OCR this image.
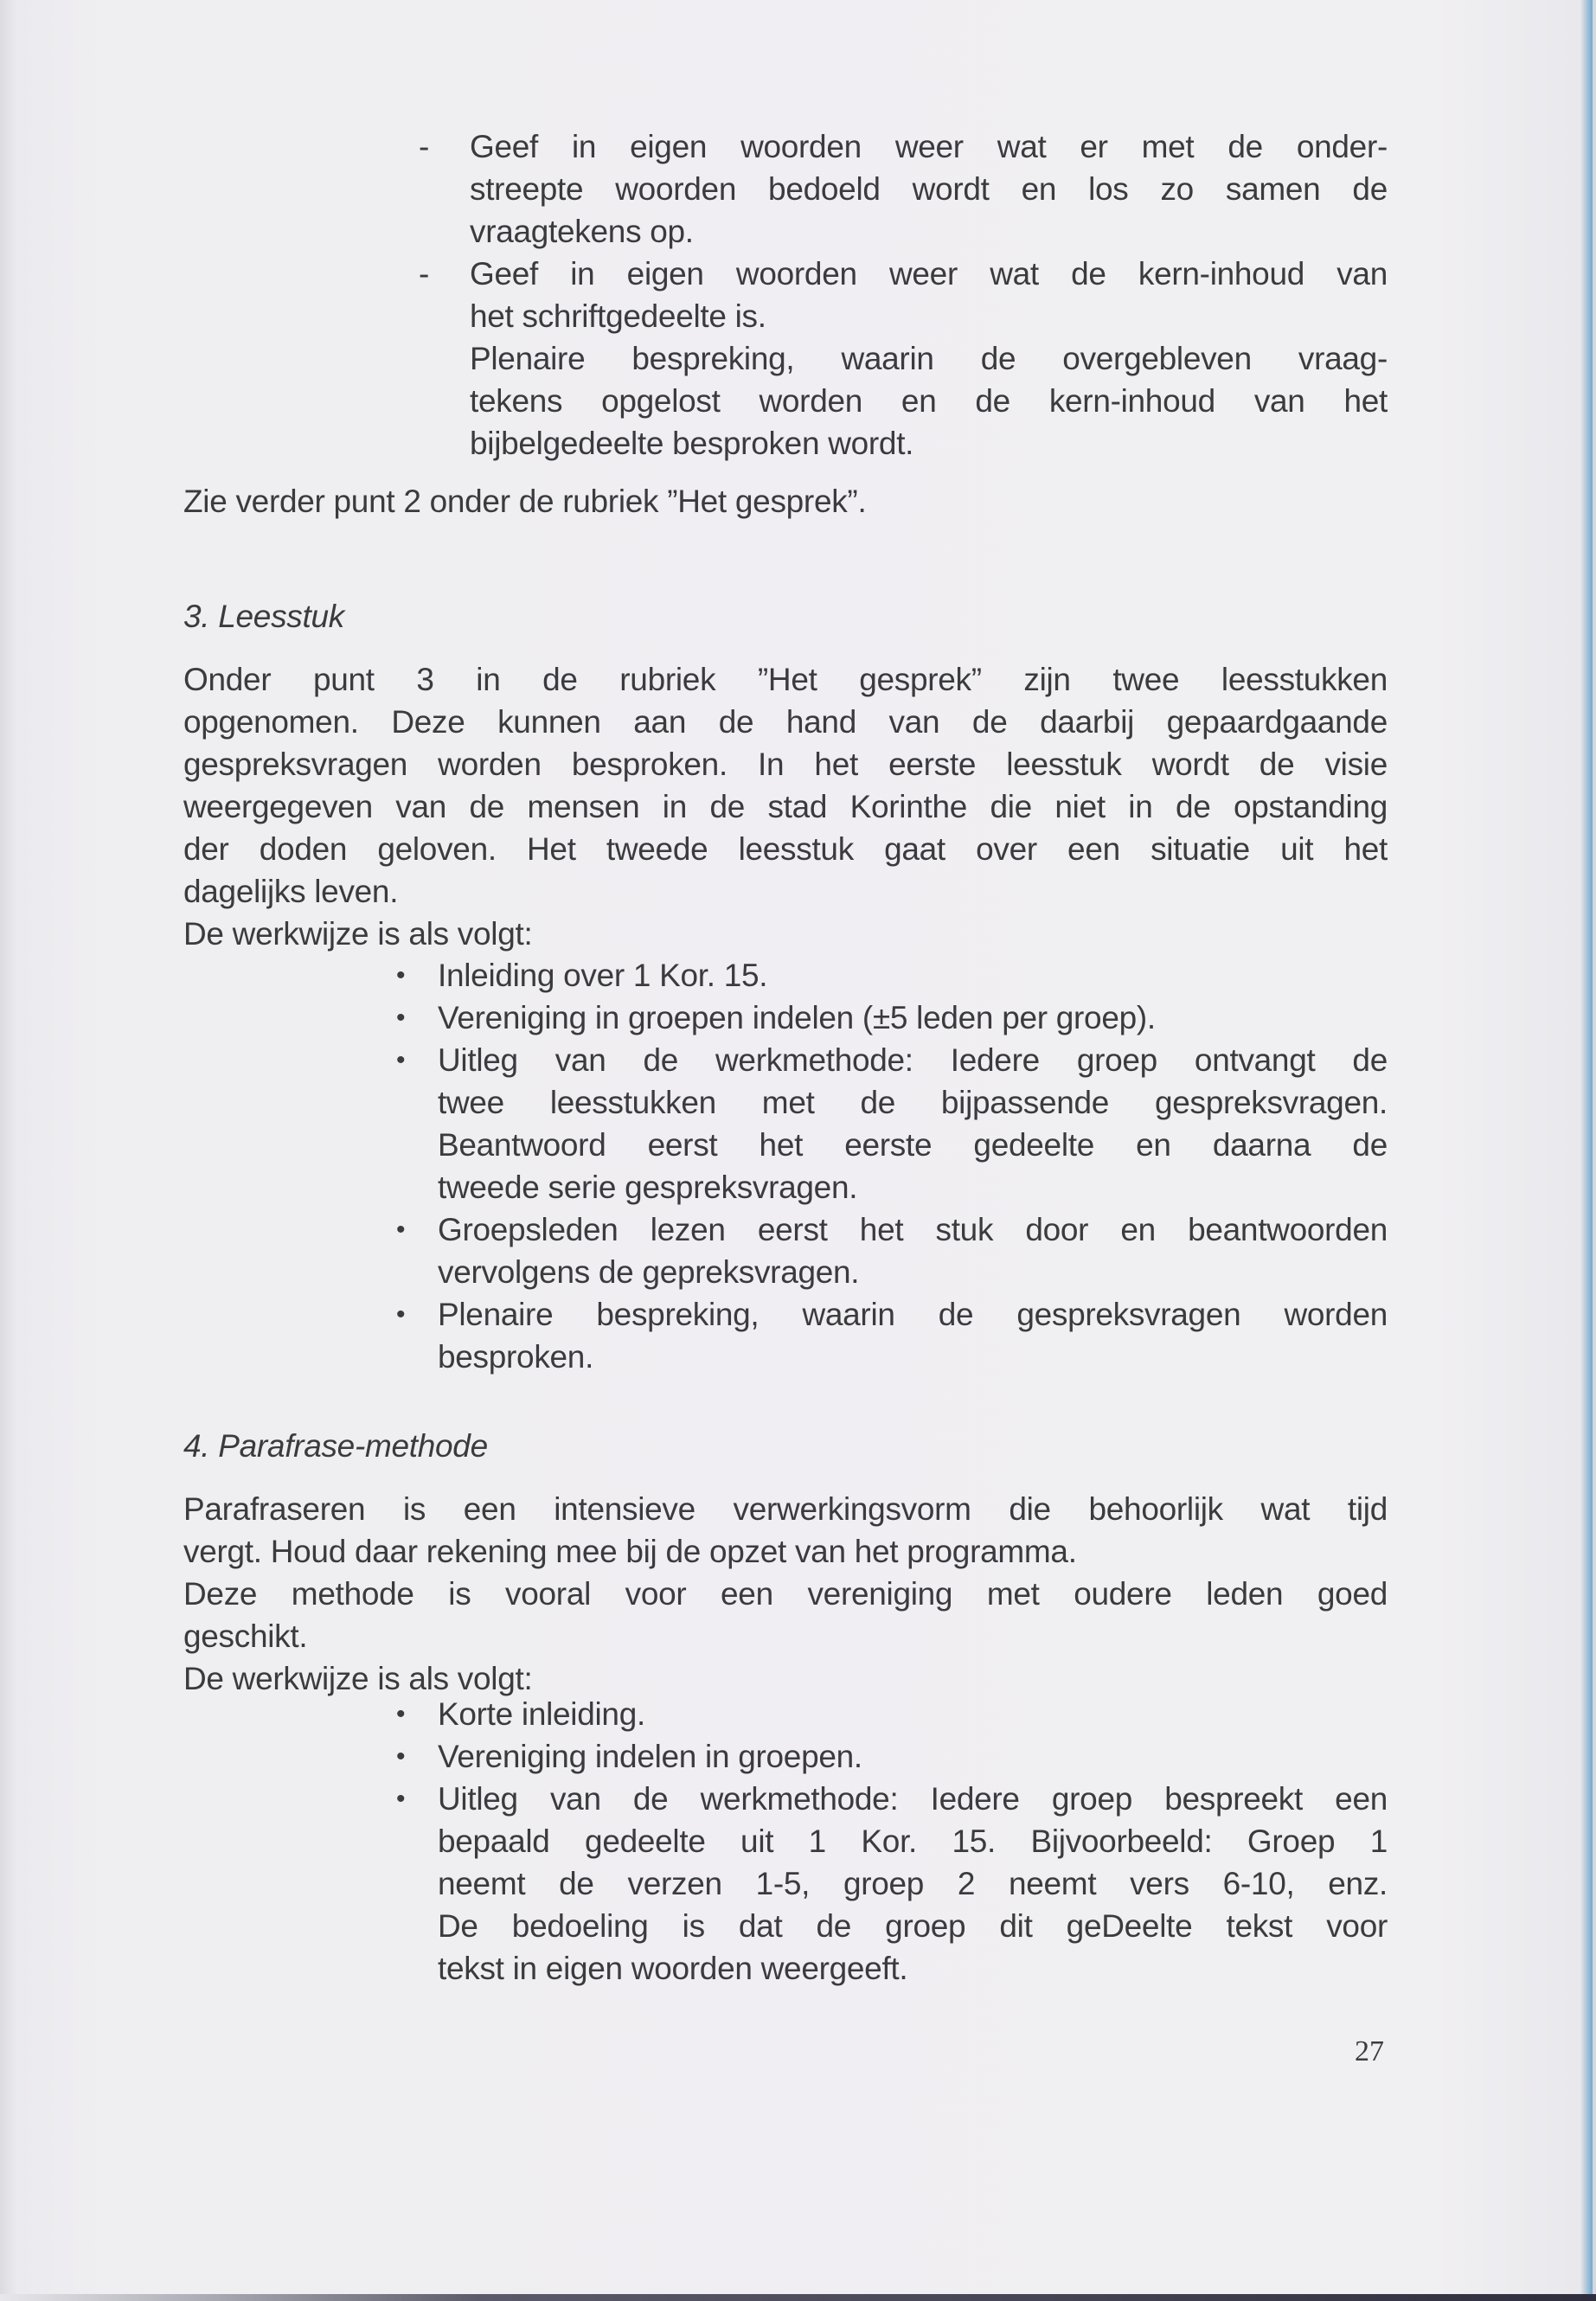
- Geef in eigen woorden weer wat er met de onder-
streepte woorden bedoeld wordt en los zo samen de
vraagtekens op.
- Geef in eigen woorden weer wat de kern-inhoud van
het schriftgedeelte is.
Plenaire bespreking, waarin de overgebleven vraag-
tekens opgelost worden en de kern-inhoud van het
bijbelgedeelte besproken wordt.
Zie verder punt 2 onder de rubriek ”Het gesprek”.
3. Leesstuk
Onder punt 3 in de rubriek ”Het gesprek” zijn twee leesstukken
opgenomen. Deze kunnen aan de hand van de daarbij gepaardgaande
gespreksvragen worden besproken. In het eerste leesstuk wordt de visie
weergegeven van de mensen in de stad Korinthe die niet in de opstanding
der doden geloven. Het tweede leesstuk gaat over een situatie uit het
dagelijks leven.
De werkwijze is als volgt:
• Inleiding over 1 Kor. 15.
• Vereniging in groepen indelen (±5 leden per groep).
• Uitleg van de werkmethode: Iedere groep ontvangt de
twee leesstukken met de bijpassende gespreksvragen.
Beantwoord eerst het eerste gedeelte en daarna de
tweede serie gespreksvragen.
• Groepsleden lezen eerst het stuk door en beantwoorden
vervolgens de gepreksvragen.
• Plenaire bespreking, waarin de gespreksvragen worden
besproken.
4. Parafrase-methode
Parafraseren is een intensieve verwerkingsvorm die behoorlijk wat tijd
vergt. Houd daar rekening mee bij de opzet van het programma.
Deze methode is vooral voor een vereniging met oudere leden goed
geschikt.
De werkwijze is als volgt:
• Korte inleiding.
• Vereniging indelen in groepen.
• Uitleg van de werkmethode: Iedere groep bespreekt een
bepaald gedeelte uit 1 Kor. 15. Bijvoorbeeld: Groep 1
neemt de verzen 1-5, groep 2 neemt vers 6-10, enz.
De bedoeling is dat de groep dit geDeelte tekst voor
tekst in eigen woorden weergeeft.
27
